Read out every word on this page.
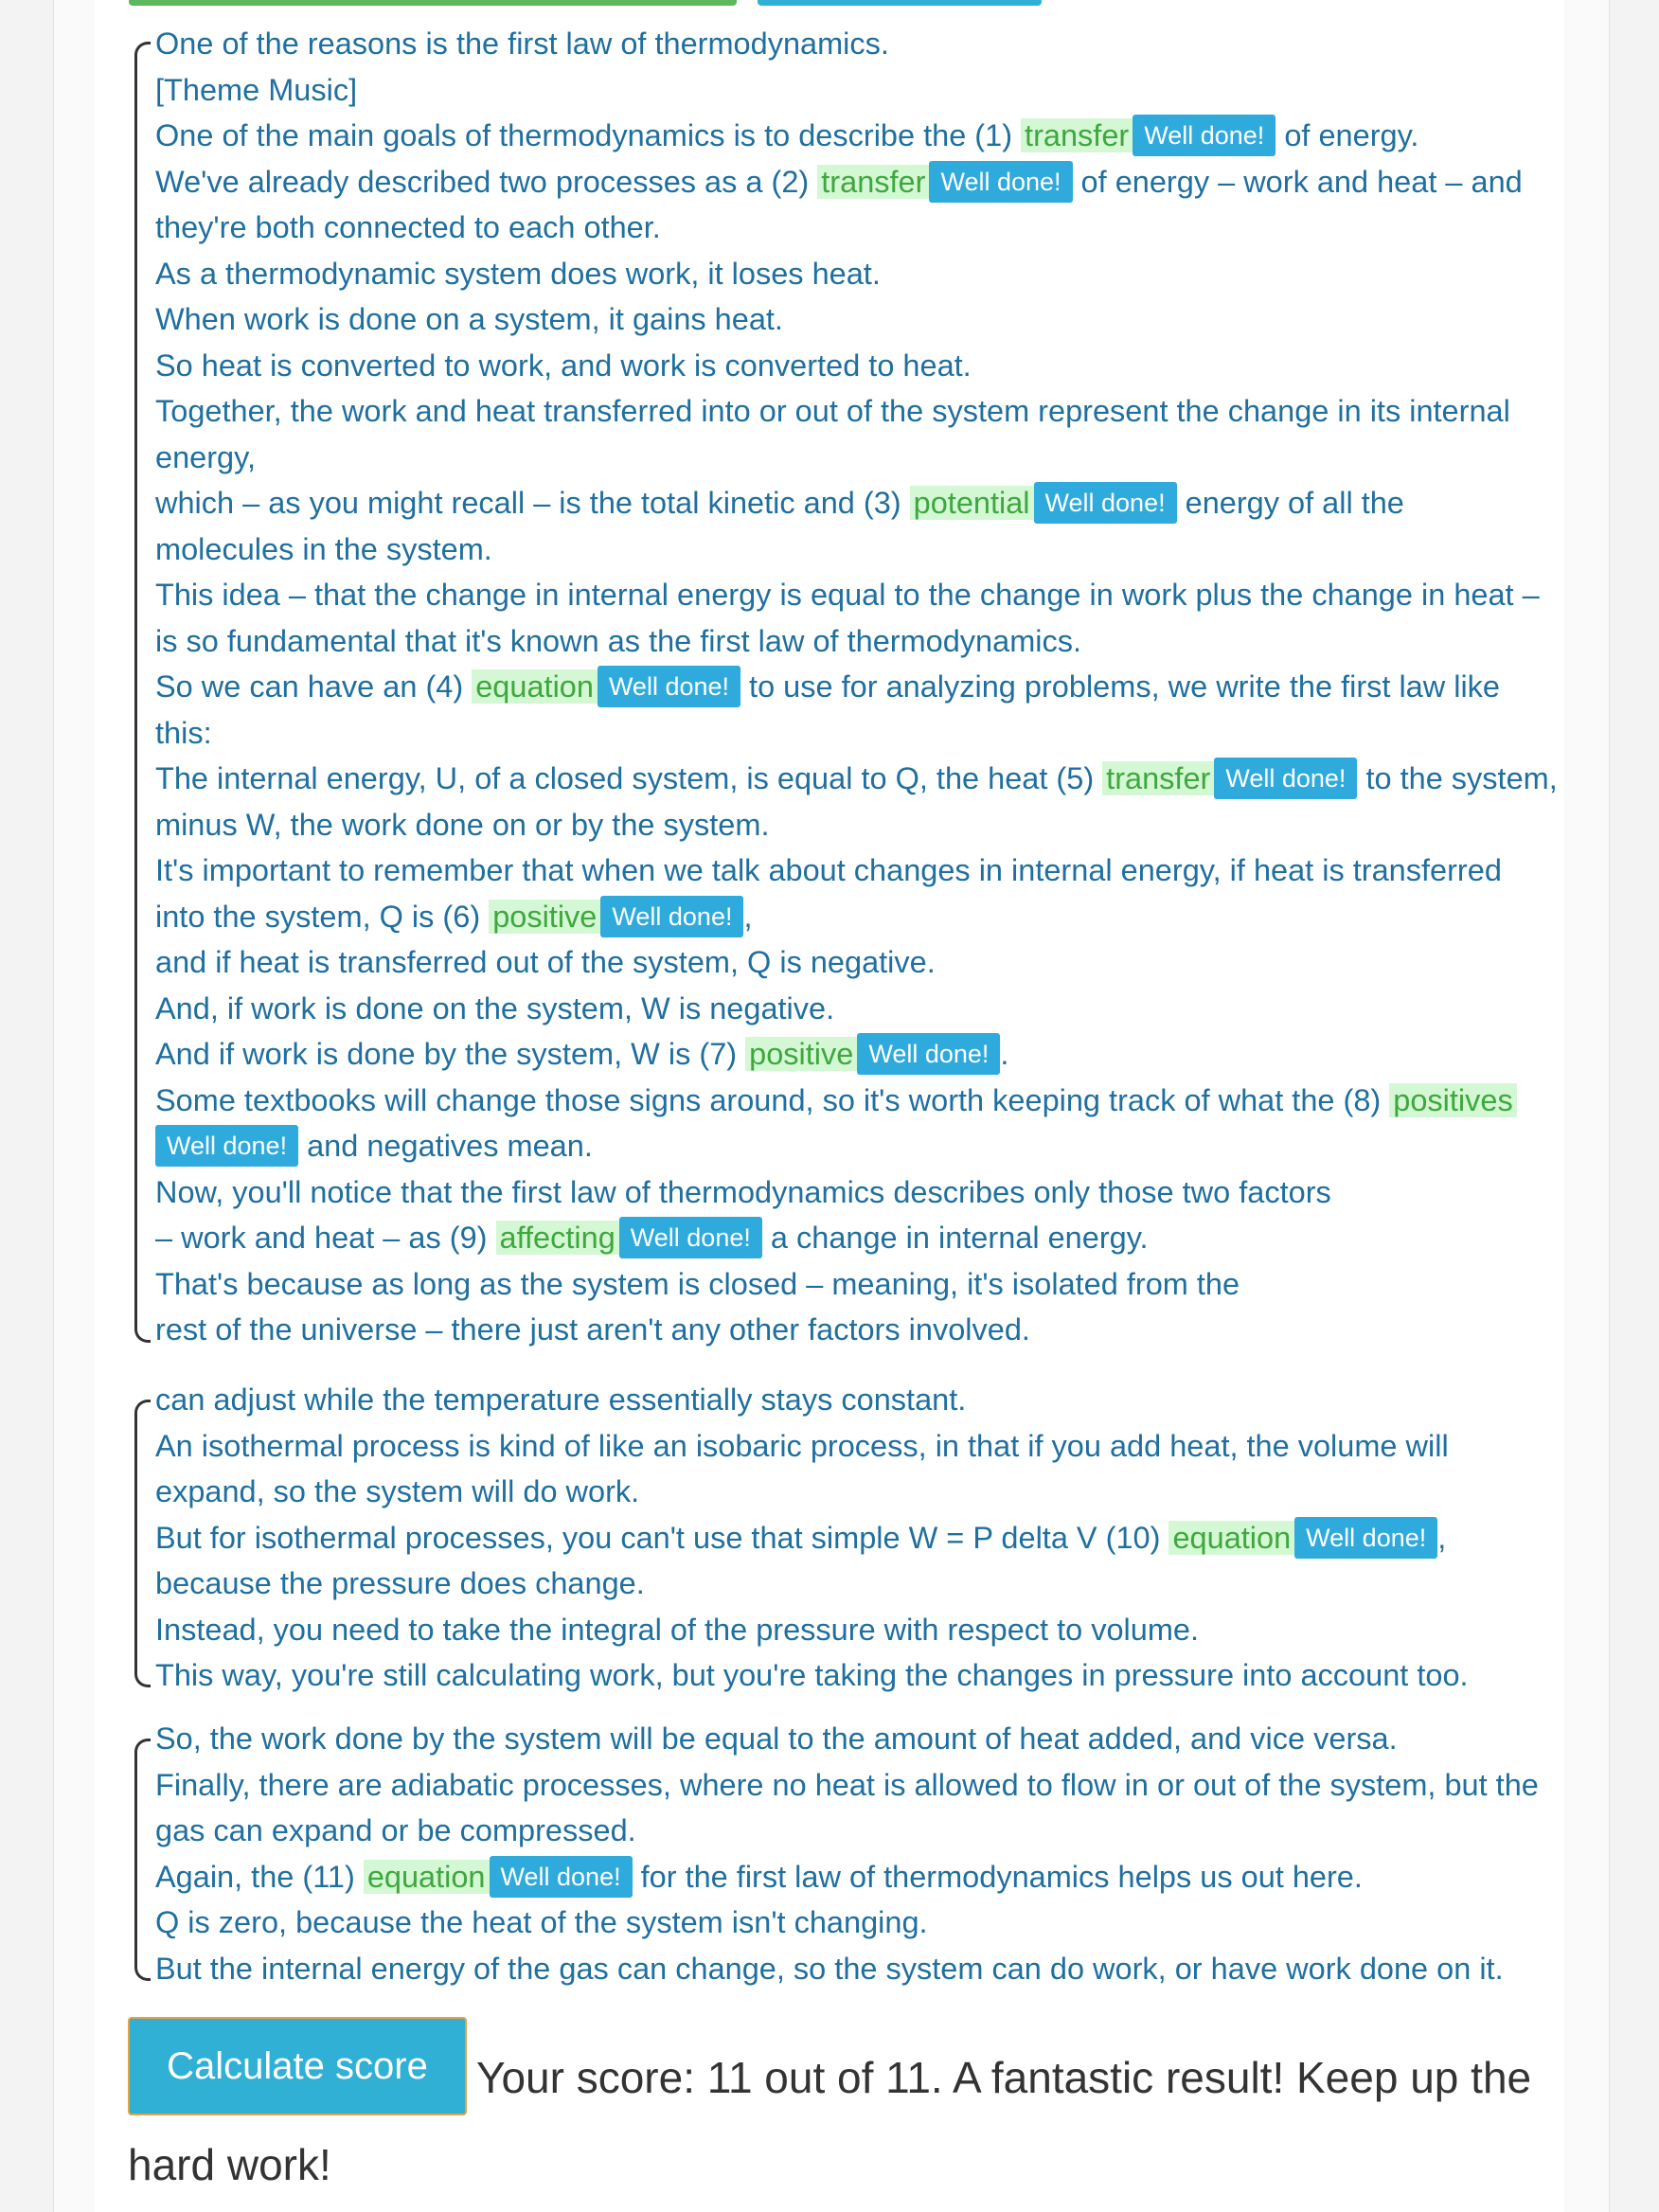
One of the reasons is the first law of thermodynamics.

[Theme Music]

One of the main goals of thermodynamics is to describe the (1) transfer Well done! of energy.

We've already described two processes as a (2) transfer Well done! of energy – work and heat – and

they're both connected to each other.

As a thermodynamic system does work, it loses heat.

When work is done on a system, it gains heat.

So heat is converted to work, and work is converted to heat.

Together, the work and heat transferred into or out of the system represent the change in its internal

energy,

which – as you might recall – is the total kinetic and (3) potential Well done! energy of all the

molecules in the system.

This idea – that the change in internal energy is equal to the change in work plus the change in heat –

is so fundamental that it's known as the first law of thermodynamics.

So we can have an (4) equation Well done! to use for analyzing problems, we write the first law like

this:

The internal energy, U, of a closed system, is equal to Q, the heat (5) transfer Well done! to the system,

minus W, the work done on or by the system.

It's important to remember that when we talk about changes in internal energy, if heat is transferred

into the system, Q is (6) positive Well done! ,

and if heat is transferred out of the system, Q is negative.

And, if work is done on the system, W is negative.

And if work is done by the system, W is (7) positive Well done! .

Some textbooks will change those signs around, so it's worth keeping track of what the (8) positives

Well done! and negatives mean.

Now, you'll notice that the first law of thermodynamics describes only those two factors

– work and heat – as (9) affecting Well done! a change in internal energy.

That's because as long as the system is closed – meaning, it's isolated from the

rest of the universe – there just aren't any other factors involved.

can adjust while the temperature essentially stays constant.

An isothermal process is kind of like an isobaric process, in that if you add heat, the volume will

expand, so the system will do work.

But for isothermal processes, you can't use that simple W = P delta V (10) equation Well done! ,

because the pressure does change.

Instead, you need to take the integral of the pressure with respect to volume.

This way, you're still calculating work, but you're taking the changes in pressure into account too.

So, the work done by the system will be equal to the amount of heat added, and vice versa.

Finally, there are adiabatic processes, where no heat is allowed to flow in or out of the system, but the

gas can expand or be compressed.

Again, the (11) equation Well done! for the first law of thermodynamics helps us out here.

Q is zero, because the heat of the system isn't changing.

But the internal energy of the gas can change, so the system can do work, or have work done on it.

Calculate score	Your score: 11 out of 11. A fantastic result! Keep up the hard work!
